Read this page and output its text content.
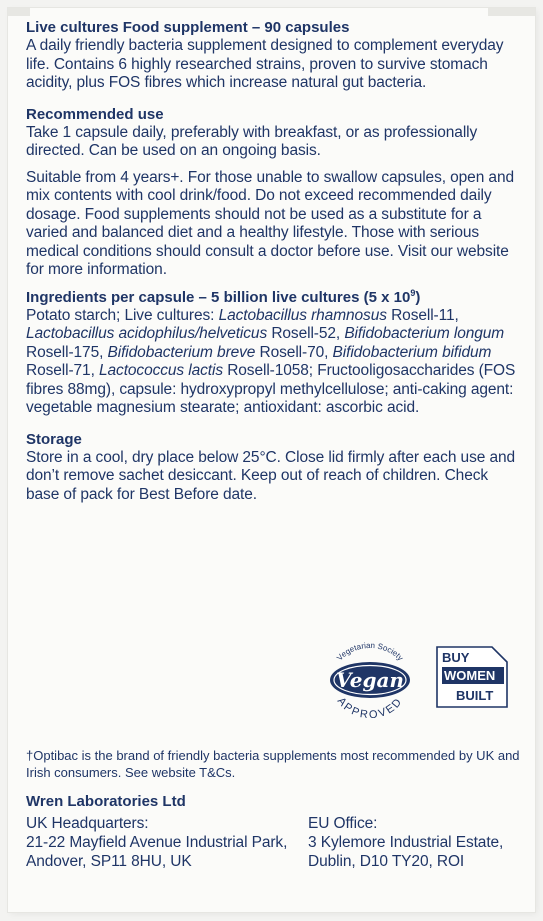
Live cultures Food supplement – 90 capsules

A daily friendly bacteria supplement designed to complement everyday life. Contains 6 highly researched strains, proven to survive stomach acidity, plus FOS fibres which increase natural gut bacteria.

Recommended use

Take 1 capsule daily, preferably with breakfast, or as professionally directed. Can be used on an ongoing basis.

Suitable from 4 years+. For those unable to swallow capsules, open and mix contents with cool drink/food. Do not exceed recommended daily dosage. Food supplements should not be used as a substitute for a varied and balanced diet and a healthy lifestyle. Those with serious medical conditions should consult a doctor before use. Visit our website for more information.

Ingredients per capsule – 5 billion live cultures (5 x $10^9$)

Potato starch; Live cultures: Lactobacillus rhamnosus Rosell-11, Lactobacillus acidophilus/helveticus Rosell-52, Bifidobacterium longum Rosell-175, Bifidobacterium breve Rosell-70, Bifidobacterium bifidum Rosell-71, Lactococcus lactis Rosell-1058; Fructooligosaccharides (FOS fibres 88mg), capsule: hydroxypropyl methylcellulose; anti-caking agent: vegetable magnesium stearate; antioxidant: ascorbic acid.

Storage

Store in a cool, dry place below 25°C. Close lid firmly after each use and don’t remove sachet desiccant. Keep out of reach of children. Check base of pack for Best Before date.

Vegetarian Society
Vegan
APPROVED
BUY
WOMEN
BUILT

†Optibac is the brand of friendly bacteria supplements most recommended by UK and Irish consumers. See website T&Cs.

Wren Laboratories Ltd

UK Headquarters:

21-22 Mayfield Avenue Industrial Park,

Andover, SP11 8HU, UK

EU Office:

3 Kylemore Industrial Estate,

Dublin, D10 TY20, ROI
